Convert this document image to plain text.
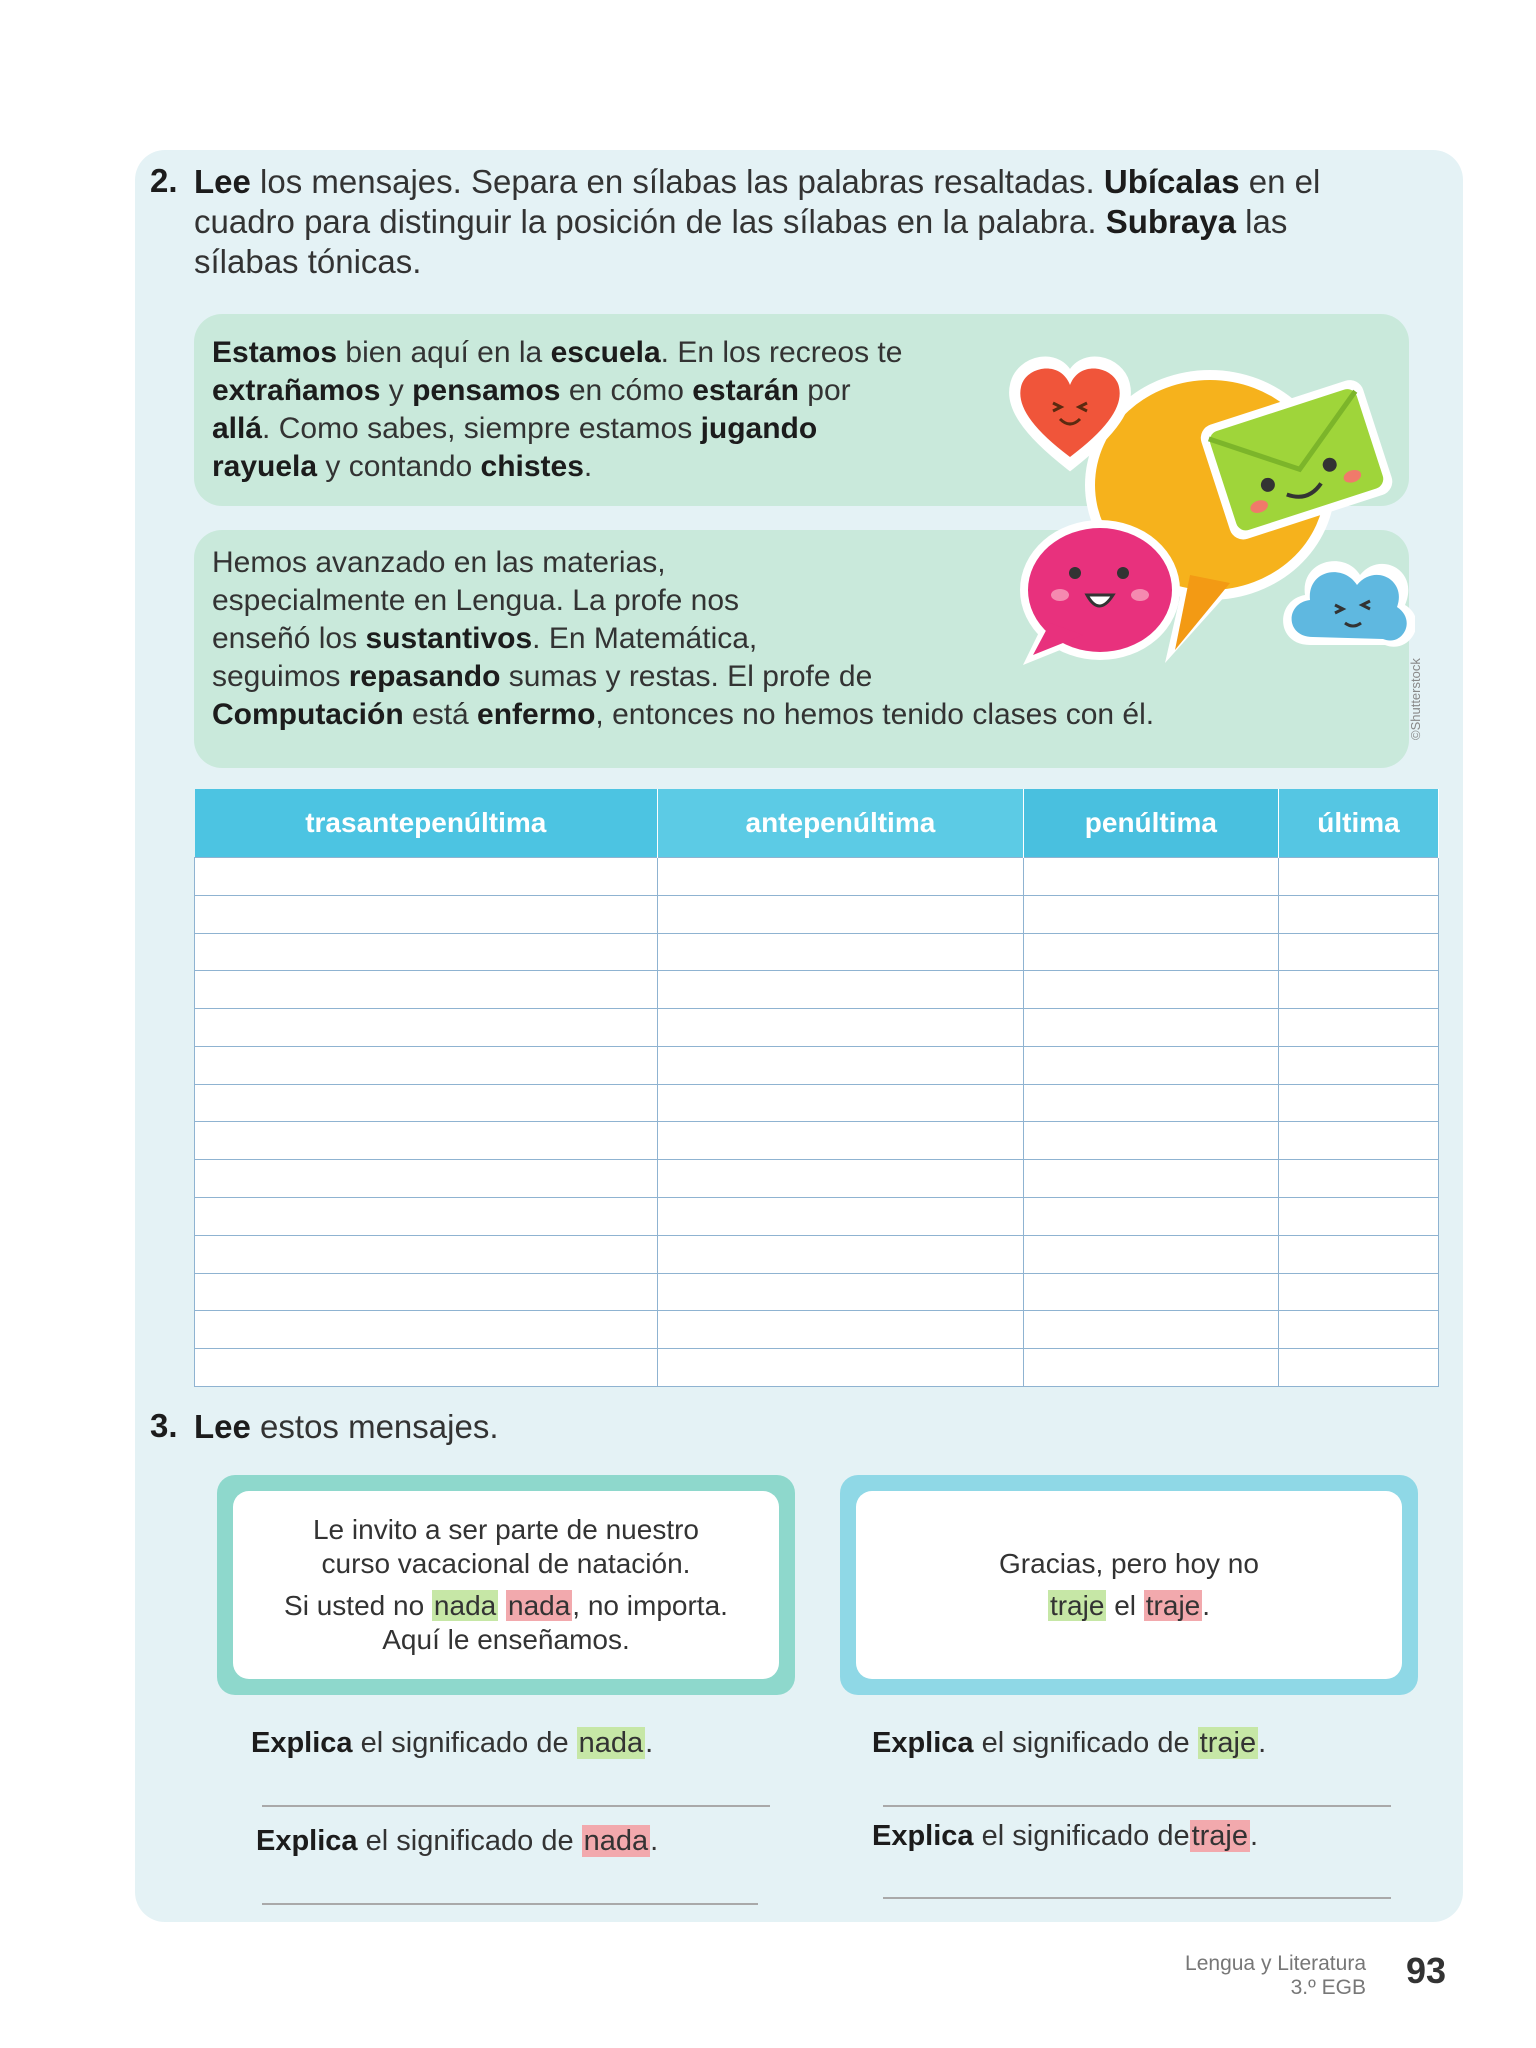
2. Lee los mensajes. Separa en sílabas las palabras resaltadas. Ubícalas en el
cuadro para distinguir la posición de las sílabas en la palabra. Subraya las
sílabas tónicas.

Estamos bien aquí en la escuela. En los recreos te

extrañamos y pensamos en cómo estarán por

allá. Como sabes, siempre estamos jugando

rayuela y contando chistes.

Hemos avanzado en las materias,

especialmente en Lengua. La profe nos

enseñó los sustantivos. En Matemática,

seguimos repasando sumas y restas. El profe de

Computación está enfermo, entonces no hemos tenido clases con él.	©Shutterstock
trasantepenúltima	antepenúltima	penúltima	última

3. Lee estos mensajes.

Le invito a ser parte de nuestro curso vacacional de natación.

Si usted no nada nada, no importa. Aquí le enseñamos.

Gracias, pero hoy no

traje el traje.

Explica el significado de nada.
Explica el significado de nada.
Explica el significado de traje.
Explica el significado detraje.
Lengua y Literatura
3.º EGB 93
